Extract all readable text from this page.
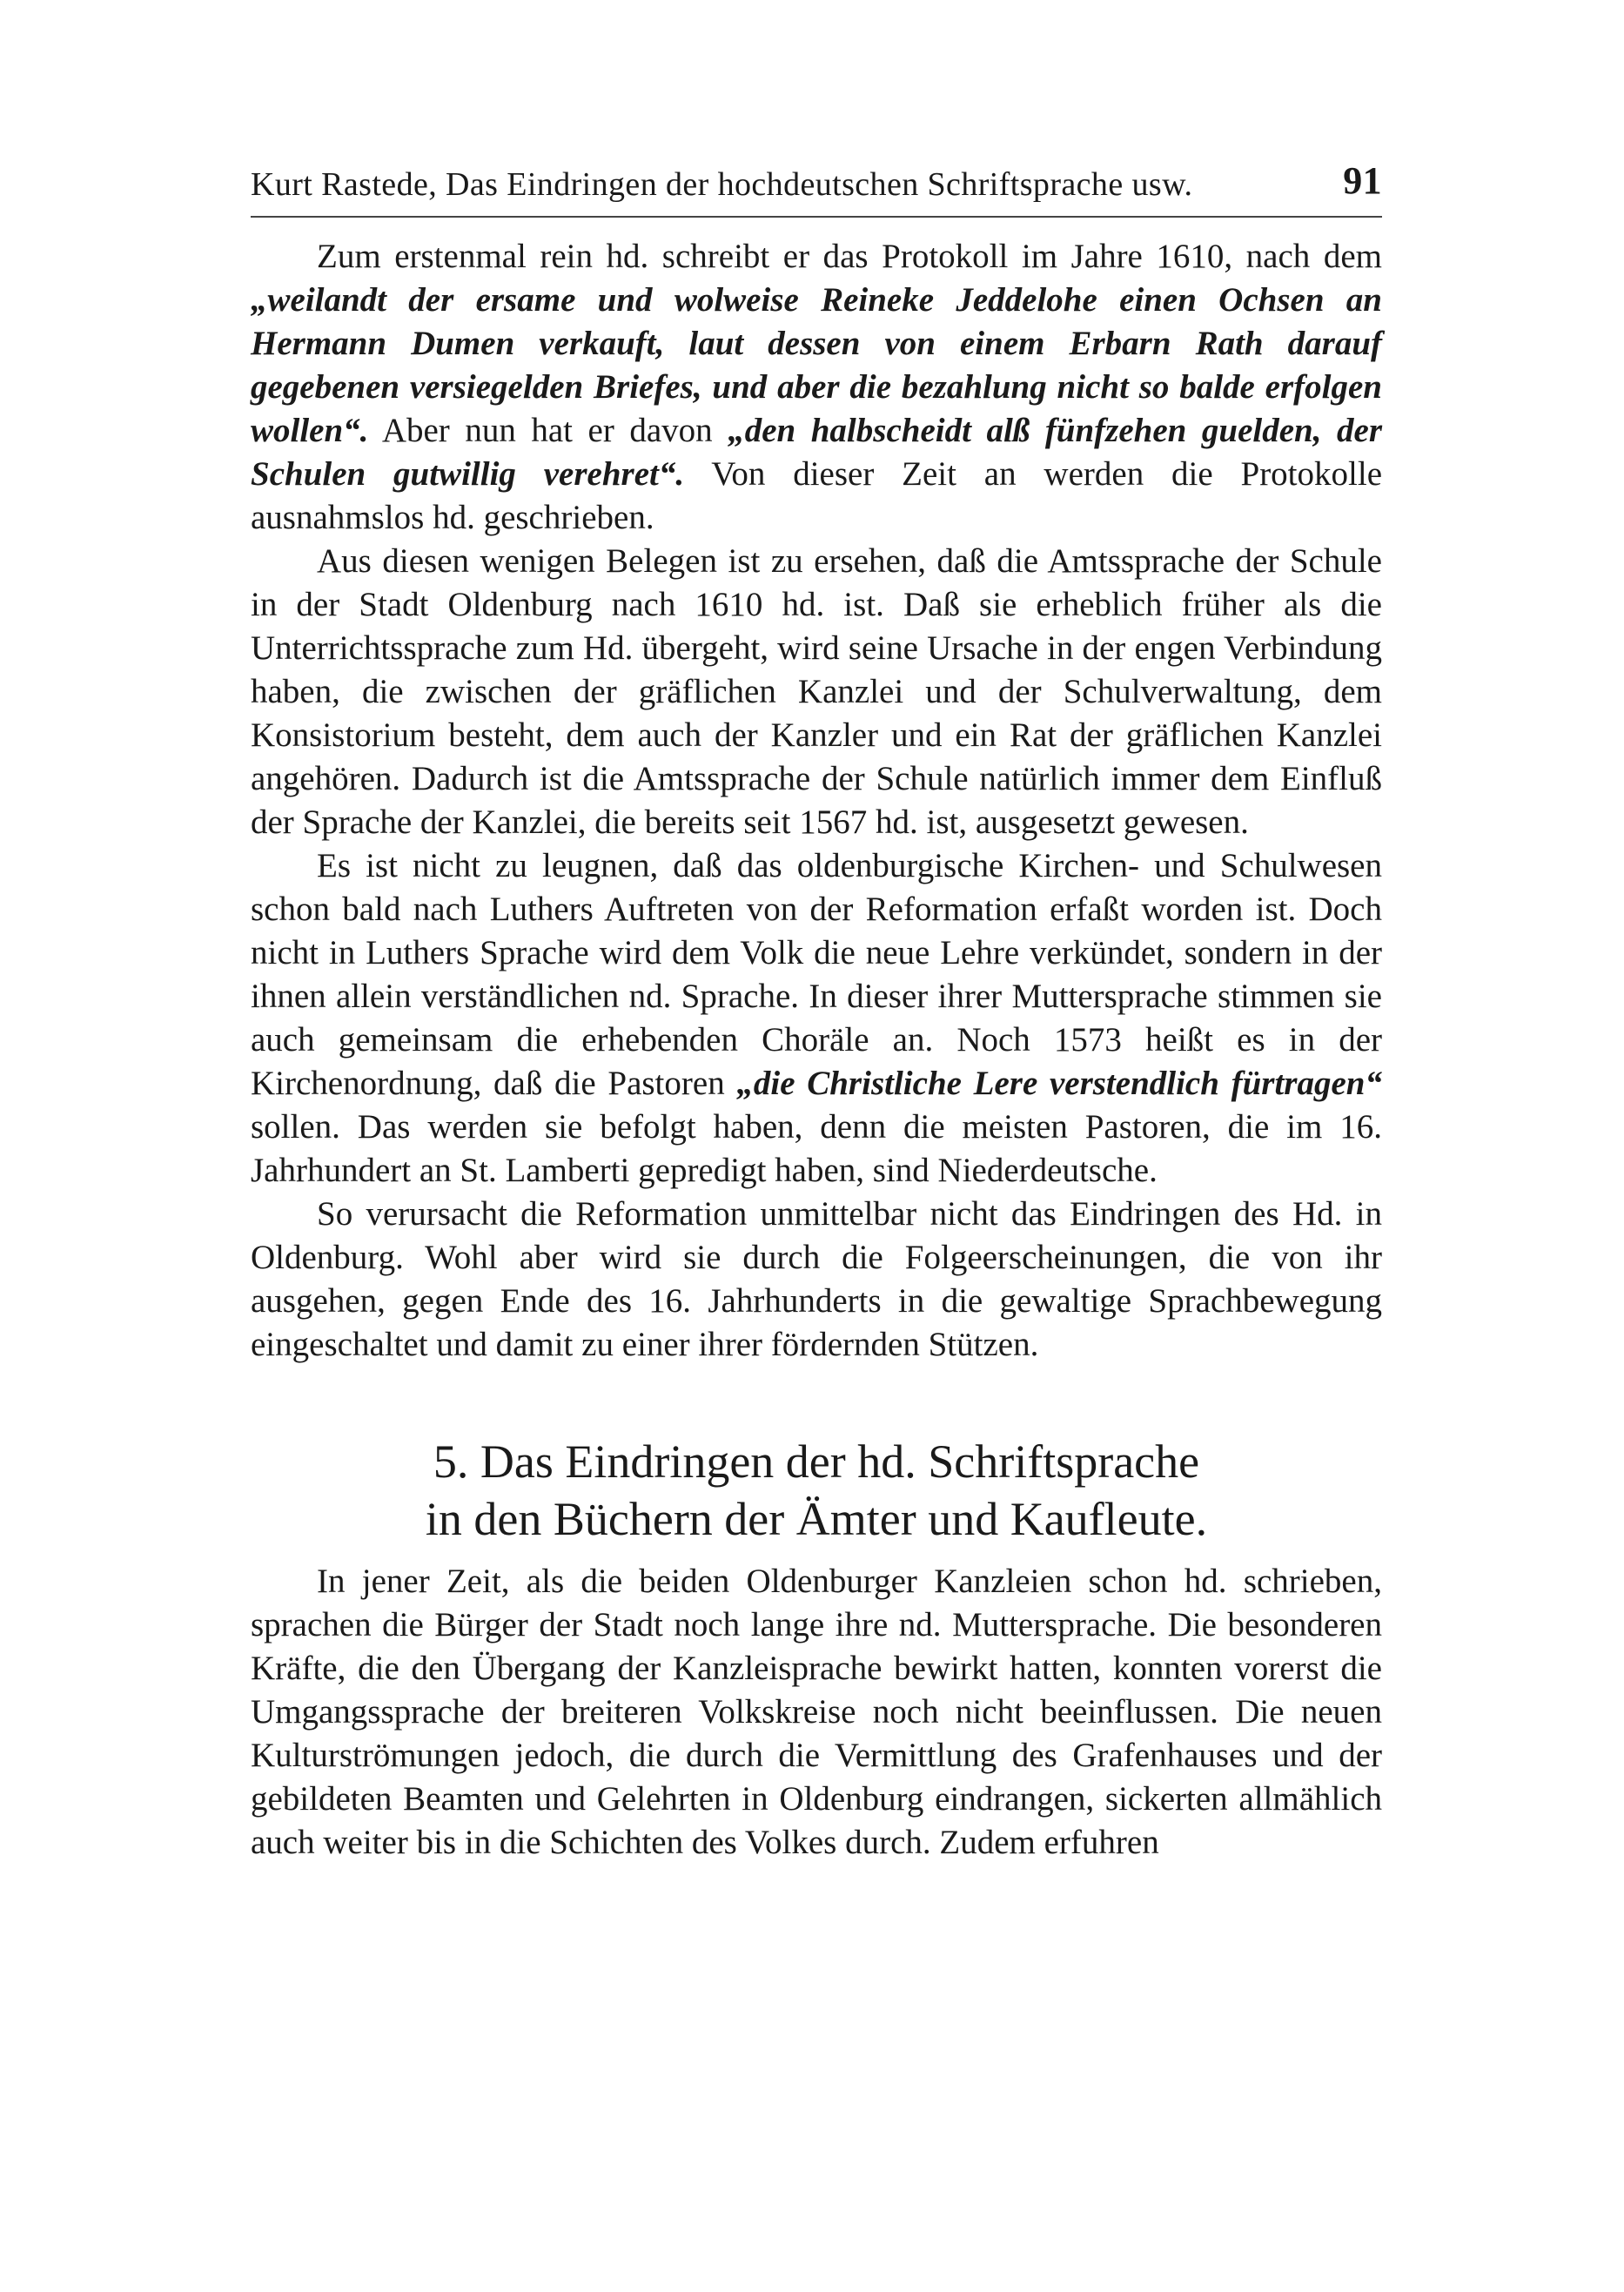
Kurt Rastede, Das Eindringen der hochdeutschen Schriftsprache usw.	91

Zum erstenmal rein hd. schreibt er das Protokoll im Jahre 1610, nach dem „weilandt der ersame und wolweise Reineke Jeddelohe einen Ochsen an Hermann Dumen verkauft, laut dessen von einem Erbarn Rath darauf gegebenen versiegelden Briefes, und aber die bezahlung nicht so balde erfolgen wollen“. Aber nun hat er davon „den halbscheidt alß fünfzehen guelden, der Schulen gutwillig verehret“. Von dieser Zeit an werden die Protokolle ausnahmslos hd. geschrieben.

Aus diesen wenigen Belegen ist zu ersehen, daß die Amtssprache der Schule in der Stadt Oldenburg nach 1610 hd. ist. Daß sie erheblich früher als die Unterrichtssprache zum Hd. übergeht, wird seine Ursache in der engen Verbindung haben, die zwischen der gräflichen Kanzlei und der Schulverwaltung, dem Konsistorium besteht, dem auch der Kanzler und ein Rat der gräflichen Kanzlei angehören. Dadurch ist die Amtssprache der Schule natürlich immer dem Einfluß der Sprache der Kanzlei, die bereits seit 1567 hd. ist, ausgesetzt gewesen.

Es ist nicht zu leugnen, daß das oldenburgische Kirchen- und Schulwesen schon bald nach Luthers Auftreten von der Reformation erfaßt worden ist. Doch nicht in Luthers Sprache wird dem Volk die neue Lehre verkündet, sondern in der ihnen allein verständlichen nd. Sprache. In dieser ihrer Muttersprache stimmen sie auch gemeinsam die erhebenden Choräle an. Noch 1573 heißt es in der Kirchenordnung, daß die Pastoren „die Christliche Lere verstendlich fürtragen“ sollen. Das werden sie befolgt haben, denn die meisten Pastoren, die im 16. Jahrhundert an St. Lamberti gepredigt haben, sind Niederdeutsche.

So verursacht die Reformation unmittelbar nicht das Eindringen des Hd. in Oldenburg. Wohl aber wird sie durch die Folgeerscheinungen, die von ihr ausgehen, gegen Ende des 16. Jahrhunderts in die gewaltige Sprachbewegung eingeschaltet und damit zu einer ihrer fördernden Stützen.

5. Das Eindringen der hd. Schriftsprache
in den Büchern der Ämter und Kaufleute.

In jener Zeit, als die beiden Oldenburger Kanzleien schon hd. schrieben, sprachen die Bürger der Stadt noch lange ihre nd. Muttersprache. Die besonderen Kräfte, die den Übergang der Kanzleisprache bewirkt hatten, konnten vorerst die Umgangssprache der breiteren Volkskreise noch nicht beeinflussen. Die neuen Kulturströmungen jedoch, die durch die Vermittlung des Grafenhauses und der gebildeten Beamten und Gelehrten in Oldenburg eindrangen, sickerten allmählich auch weiter bis in die Schichten des Volkes durch. Zudem erfuhren
